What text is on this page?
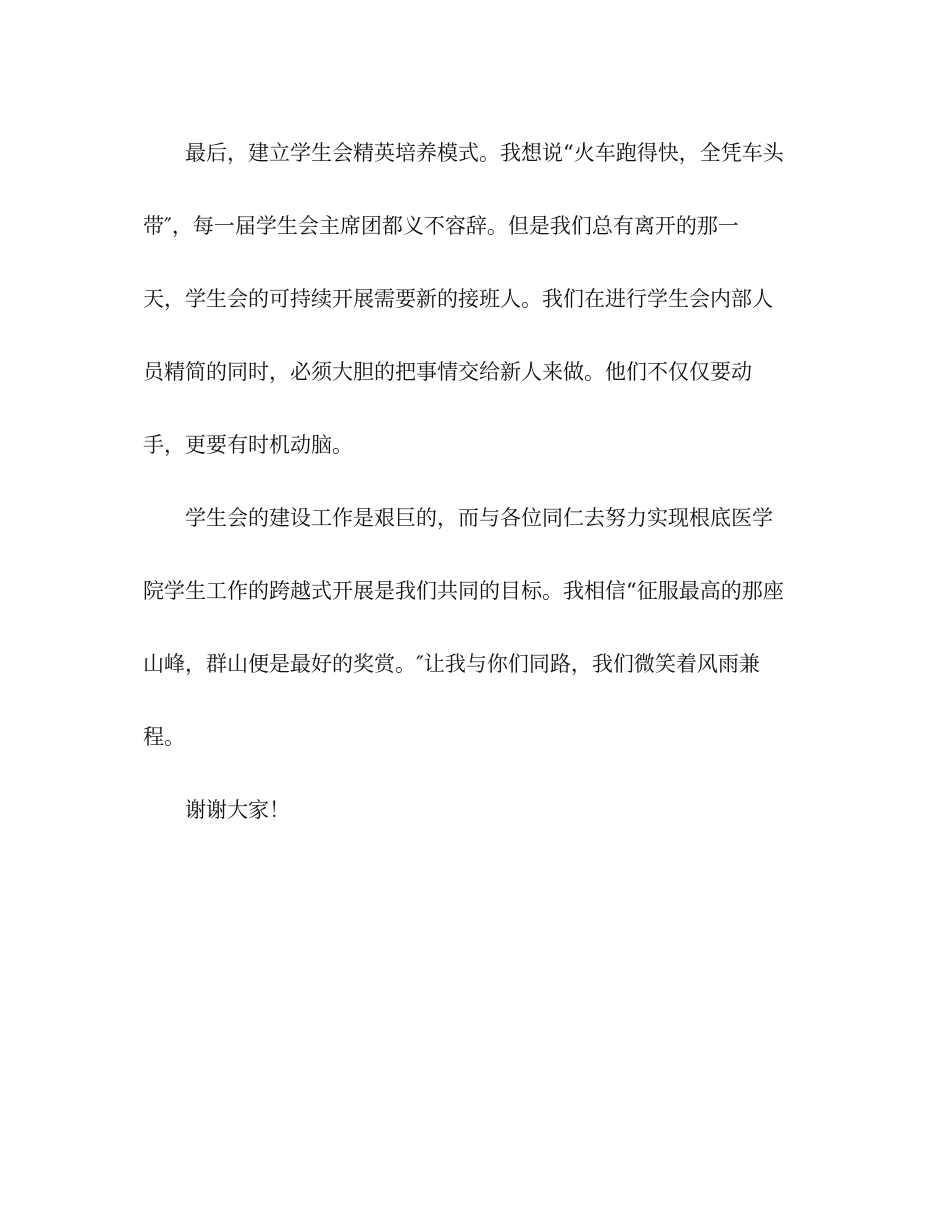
最后，建立学生会精英培养模式。我想说“火车跑得快，全凭车头
带″，每一届学生会主席团都义不容辞。但是我们总有离开的那一
天，学生会的可持续开展需要新的接班人。我们在进行学生会内部人
员精简的同时，必须大胆的把事情交给新人来做。他们不仅仅要动
手，更要有时机动脑。
学生会的建设工作是艰巨的，而与各位同仁去努力实现根底医学
院学生工作的跨越式开展是我们共同的目标。我相信“征服最高的那座
山峰，群山便是最好的奖赏。″让我与你们同路，我们微笑着风雨兼
程。
谢谢大家！
